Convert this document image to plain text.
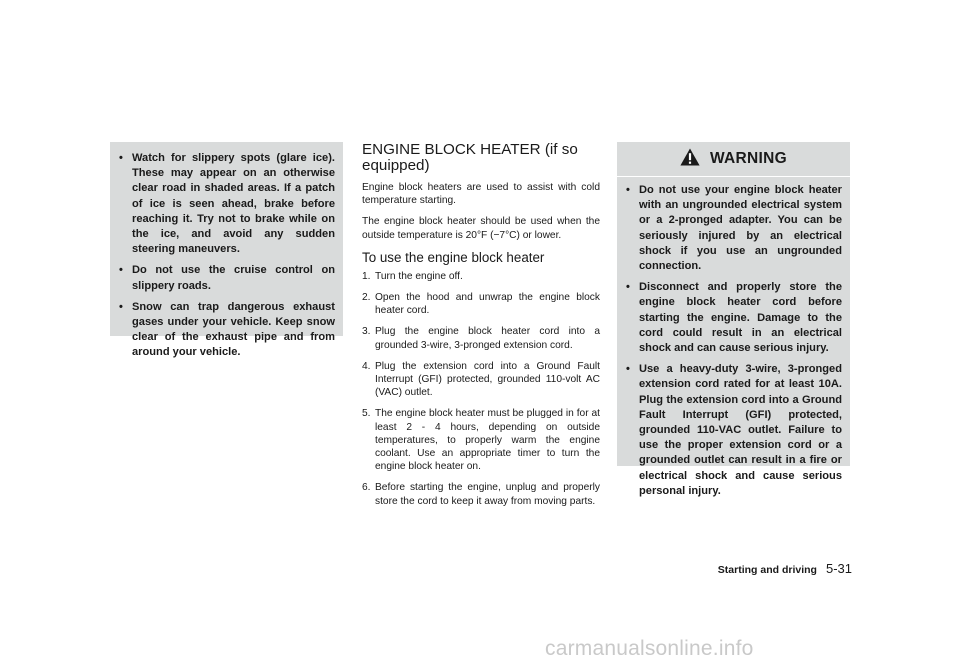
• Watch for slippery spots (glare ice). These may appear on an otherwise clear road in shaded areas. If a patch of ice is seen ahead, brake before reaching it. Try not to brake while on the ice, and avoid any sudden steering maneuvers.
• Do not use the cruise control on slippery roads.
• Snow can trap dangerous exhaust gases under your vehicle. Keep snow clear of the exhaust pipe and from around your vehicle.
ENGINE BLOCK HEATER (if so equipped)

Engine block heaters are used to assist with cold temperature starting.

The engine block heater should be used when the outside temperature is 20°F (−7°C) or lower.

To use the engine block heater
1. Turn the engine off.
2. Open the hood and unwrap the engine block heater cord.
3. Plug the engine block heater cord into a grounded 3-wire, 3-pronged extension cord.
4. Plug the extension cord into a Ground Fault Interrupt (GFI) protected, grounded 110-volt AC (VAC) outlet.
5. The engine block heater must be plugged in for at least 2 - 4 hours, depending on outside temperatures, to properly warm the engine coolant. Use an appropriate timer to turn the engine block heater on.
6. Before starting the engine, unplug and properly store the cord to keep it away from moving parts.
WARNING
• Do not use your engine block heater with an ungrounded electrical system or a 2-pronged adapter. You can be seriously injured by an electrical shock if you use an ungrounded connection.
• Disconnect and properly store the engine block heater cord before starting the engine. Damage to the cord could result in an electrical shock and can cause serious injury.
• Use a heavy-duty 3-wire, 3-pronged extension cord rated for at least 10A. Plug the extension cord into a Ground Fault Interrupt (GFI) protected, grounded 110-VAC outlet. Failure to use the proper extension cord or a grounded outlet can result in a fire or electrical shock and cause serious personal injury.
Starting and driving 5-31
carmanualsonline.info
